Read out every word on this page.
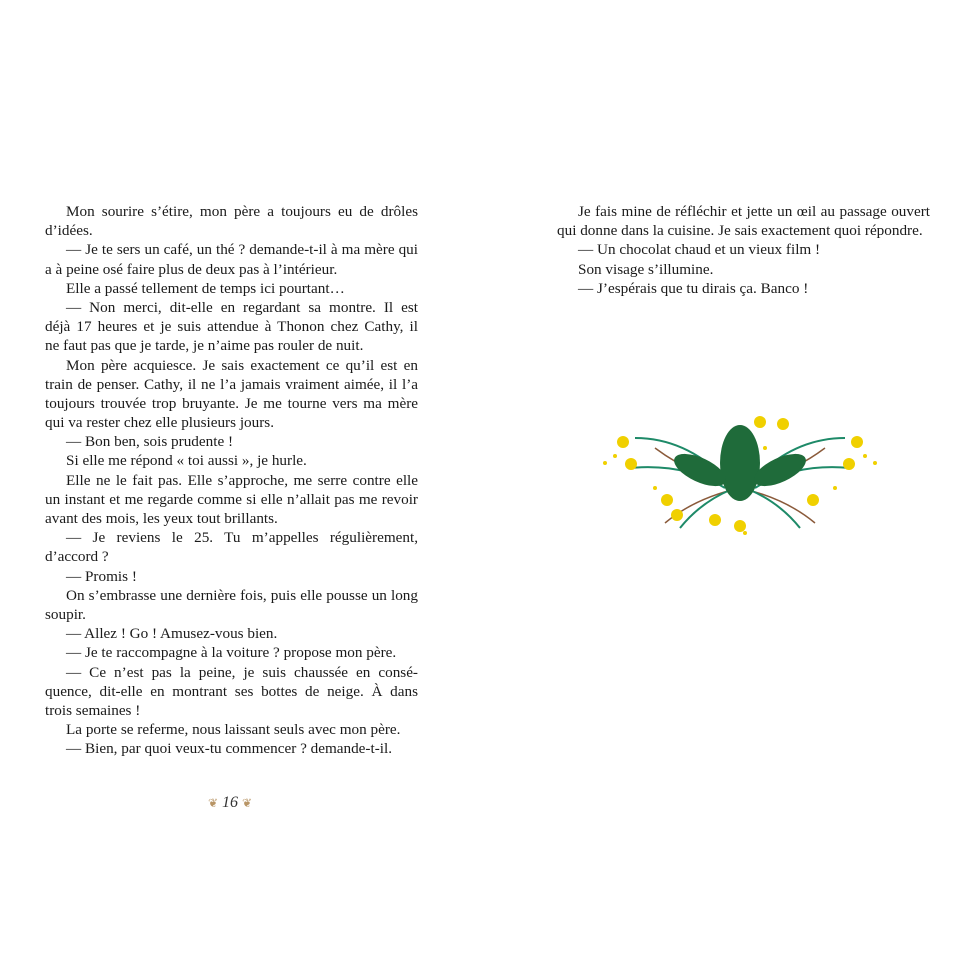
Mon sourire s’étire, mon père a toujours eu de drôles
d’idées.
— Je te sers un café, un thé ? demande-t-il à ma mère qui
a à peine osé faire plus de deux pas à l’intérieur.
Elle a passé tellement de temps ici pourtant…
— Non merci, dit-elle en regardant sa montre. Il est
déjà 17 heures et je suis attendue à Thonon chez Cathy, il
ne faut pas que je tarde, je n’aime pas rouler de nuit.
Mon père acquiesce. Je sais exactement ce qu’il est en
train de penser. Cathy, il ne l’a jamais vraiment aimée, il l’a
toujours trouvée trop bruyante. Je me tourne vers ma mère
qui va rester chez elle plusieurs jours.
— Bon ben, sois prudente !
Si elle me répond « toi aussi », je hurle.
Elle ne le fait pas. Elle s’approche, me serre contre elle
un instant et me regarde comme si elle n’allait pas me revoir
avant des mois, les yeux tout brillants.
— Je reviens le 25. Tu m’appelles régulièrement,
d’accord ?
— Promis !
On s’embrasse une dernière fois, puis elle pousse un long
soupir.
— Allez ! Go ! Amusez-vous bien.
— Je te raccompagne à la voiture ? propose mon père.
— Ce n’est pas la peine, je suis chaussée en consé-
quence, dit-elle en montrant ses bottes de neige. À dans
trois semaines !
La porte se referme, nous laissant seuls avec mon père.
— Bien, par quoi veux-tu commencer ? demande-t-il.
Je fais mine de réfléchir et jette un œil au passage ouvert
qui donne dans la cuisine. Je sais exactement quoi répondre.
— Un chocolat chaud et un vieux film !
Son visage s’illumine.
— J’espérais que tu dirais ça. Banco !
❦ 16 ❦
